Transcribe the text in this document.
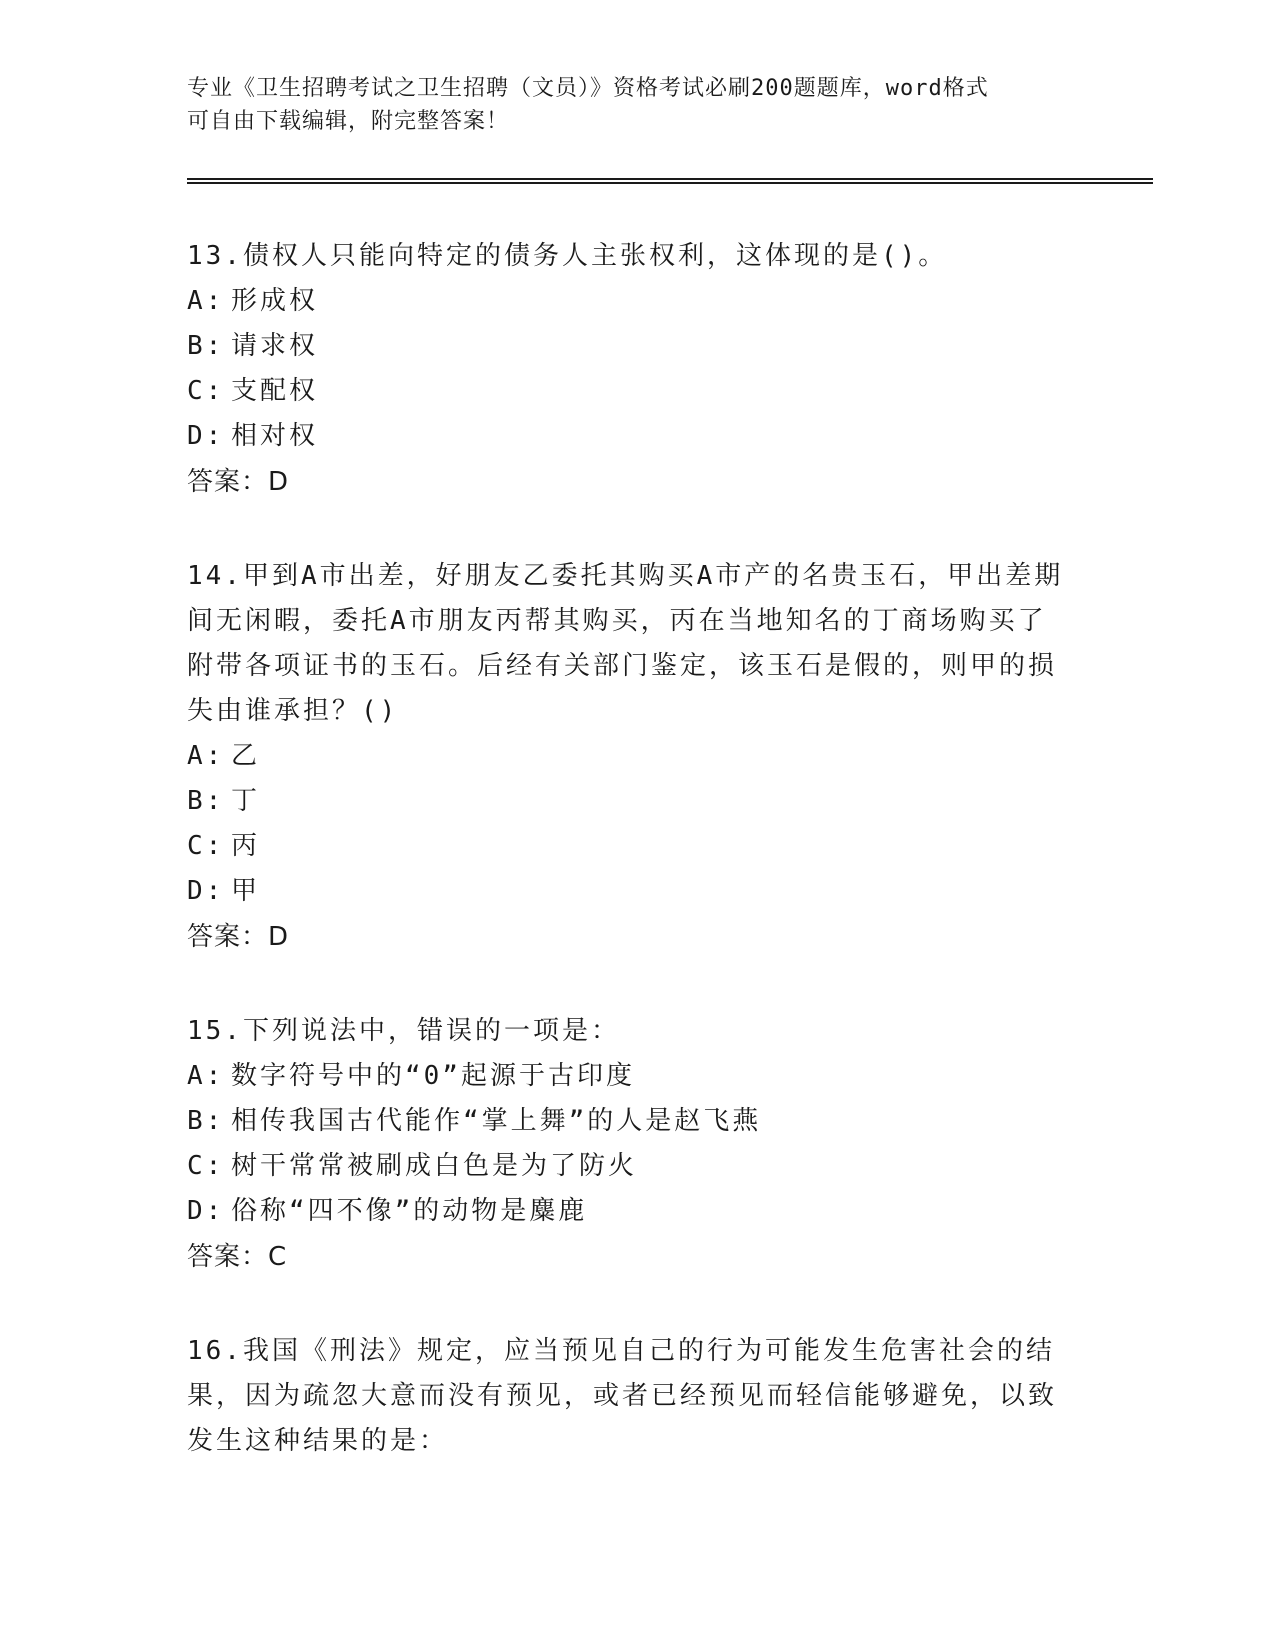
专业《卫生招聘考试之卫生招聘（文员）》资格考试必刷200题题库，word格式
可自由下载编辑，附完整答案！
13.债权人只能向特定的债务人主张权利，这体现的是()。
A: 形成权
B: 请求权
C: 支配权
D: 相对权
答案：D
14.甲到A市出差，好朋友乙委托其购买A市产的名贵玉石，甲出差期间无闲暇，委托A市朋友丙帮其购买，丙在当地知名的丁商场购买了附带各项证书的玉石。后经有关部门鉴定，该玉石是假的，则甲的损失由谁承担？()
A: 乙
B: 丁
C: 丙
D: 甲
答案：D
15.下列说法中，错误的一项是：
A: 数字符号中的“0”起源于古印度
B: 相传我国古代能作“掌上舞”的人是赵飞燕
C: 树干常常被刷成白色是为了防火
D: 俗称“四不像”的动物是麋鹿
答案：C
16.我国《刑法》规定，应当预见自己的行为可能发生危害社会的结果，因为疏忽大意而没有预见，或者已经预见而轻信能够避免，以致发生这种结果的是：
